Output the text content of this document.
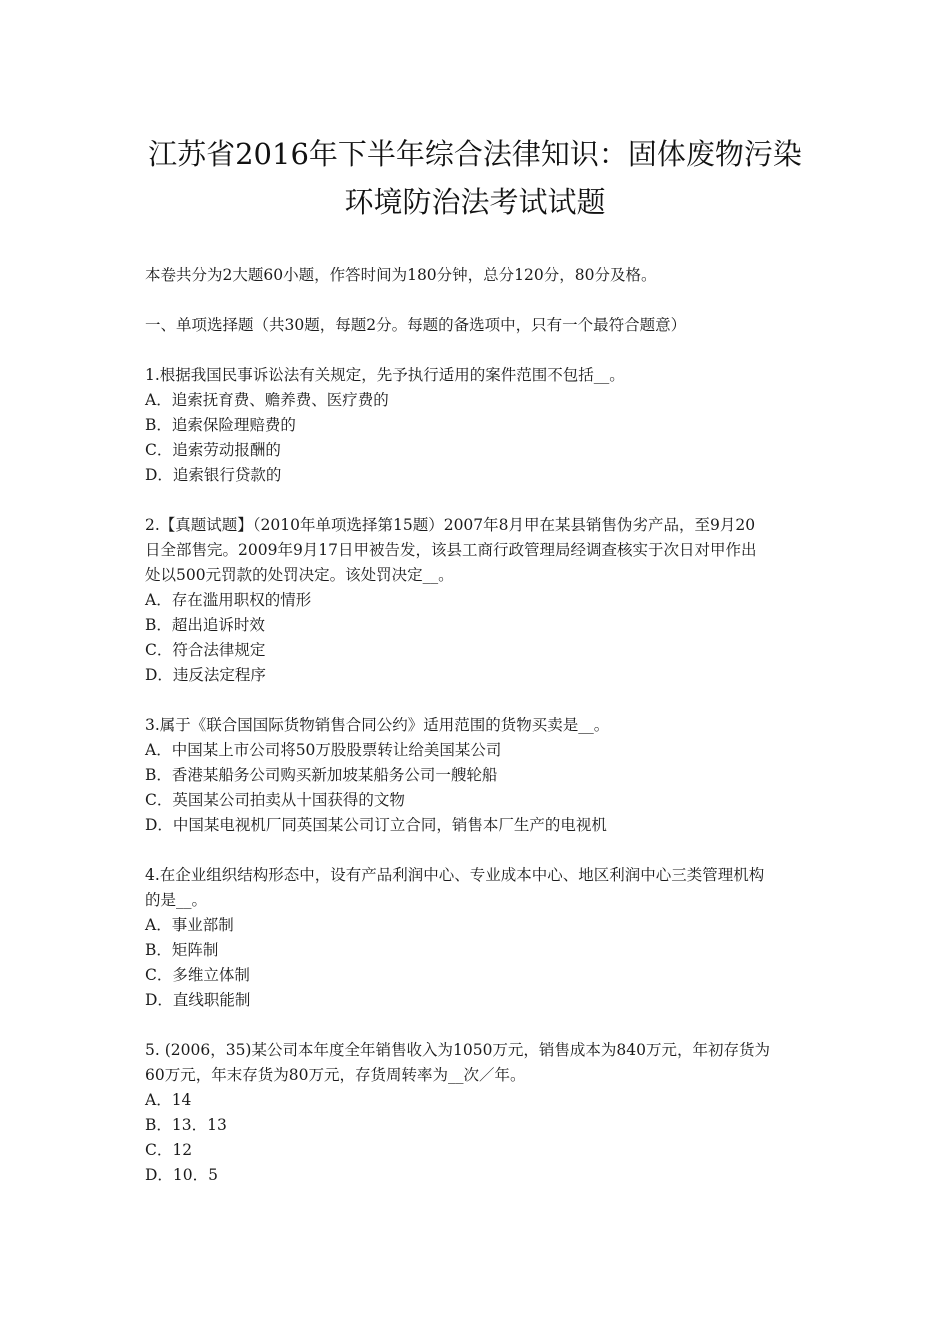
江苏省2016年下半年综合法律知识：固体废物污染
环境防治法考试试题
本卷共分为2大题60小题，作答时间为180分钟，总分120分，80分及格。
一、单项选择题（共30题，每题2分。每题的备选项中，只有一个最符合题意）
1.根据我国民事诉讼法有关规定，先予执行适用的案件范围不包括__。
A．追索抚育费、赡养费、医疗费的
B．追索保险理赔费的
C．追索劳动报酬的
D．追索银行贷款的
2.【真题试题】（2010年单项选择第15题）2007年8月甲在某县销售伪劣产品，至9月20
日全部售完。2009年9月17日甲被告发，该县工商行政管理局经调查核实于次日对甲作出
处以500元罚款的处罚决定。该处罚决定__。
A．存在滥用职权的情形
B．超出追诉时效
C．符合法律规定
D．违反法定程序
3.属于《联合国国际货物销售合同公约》适用范围的货物买卖是__。
A．中国某上市公司将50万股股票转让给美国某公司
B．香港某船务公司购买新加坡某船务公司一艘轮船
C．英国某公司拍卖从十国获得的文物
D．中国某电视机厂同英国某公司订立合同，销售本厂生产的电视机
4.在企业组织结构形态中，设有产品利润中心、专业成本中心、地区利润中心三类管理机构
的是__。
A．事业部制
B．矩阵制
C．多维立体制
D．直线职能制
5. (2006，35)某公司本年度全年销售收入为1050万元，销售成本为840万元，年初存货为
60万元，年末存货为80万元，存货周转率为__次／年。
A．14
B．13．13
C．12
D．10．5
